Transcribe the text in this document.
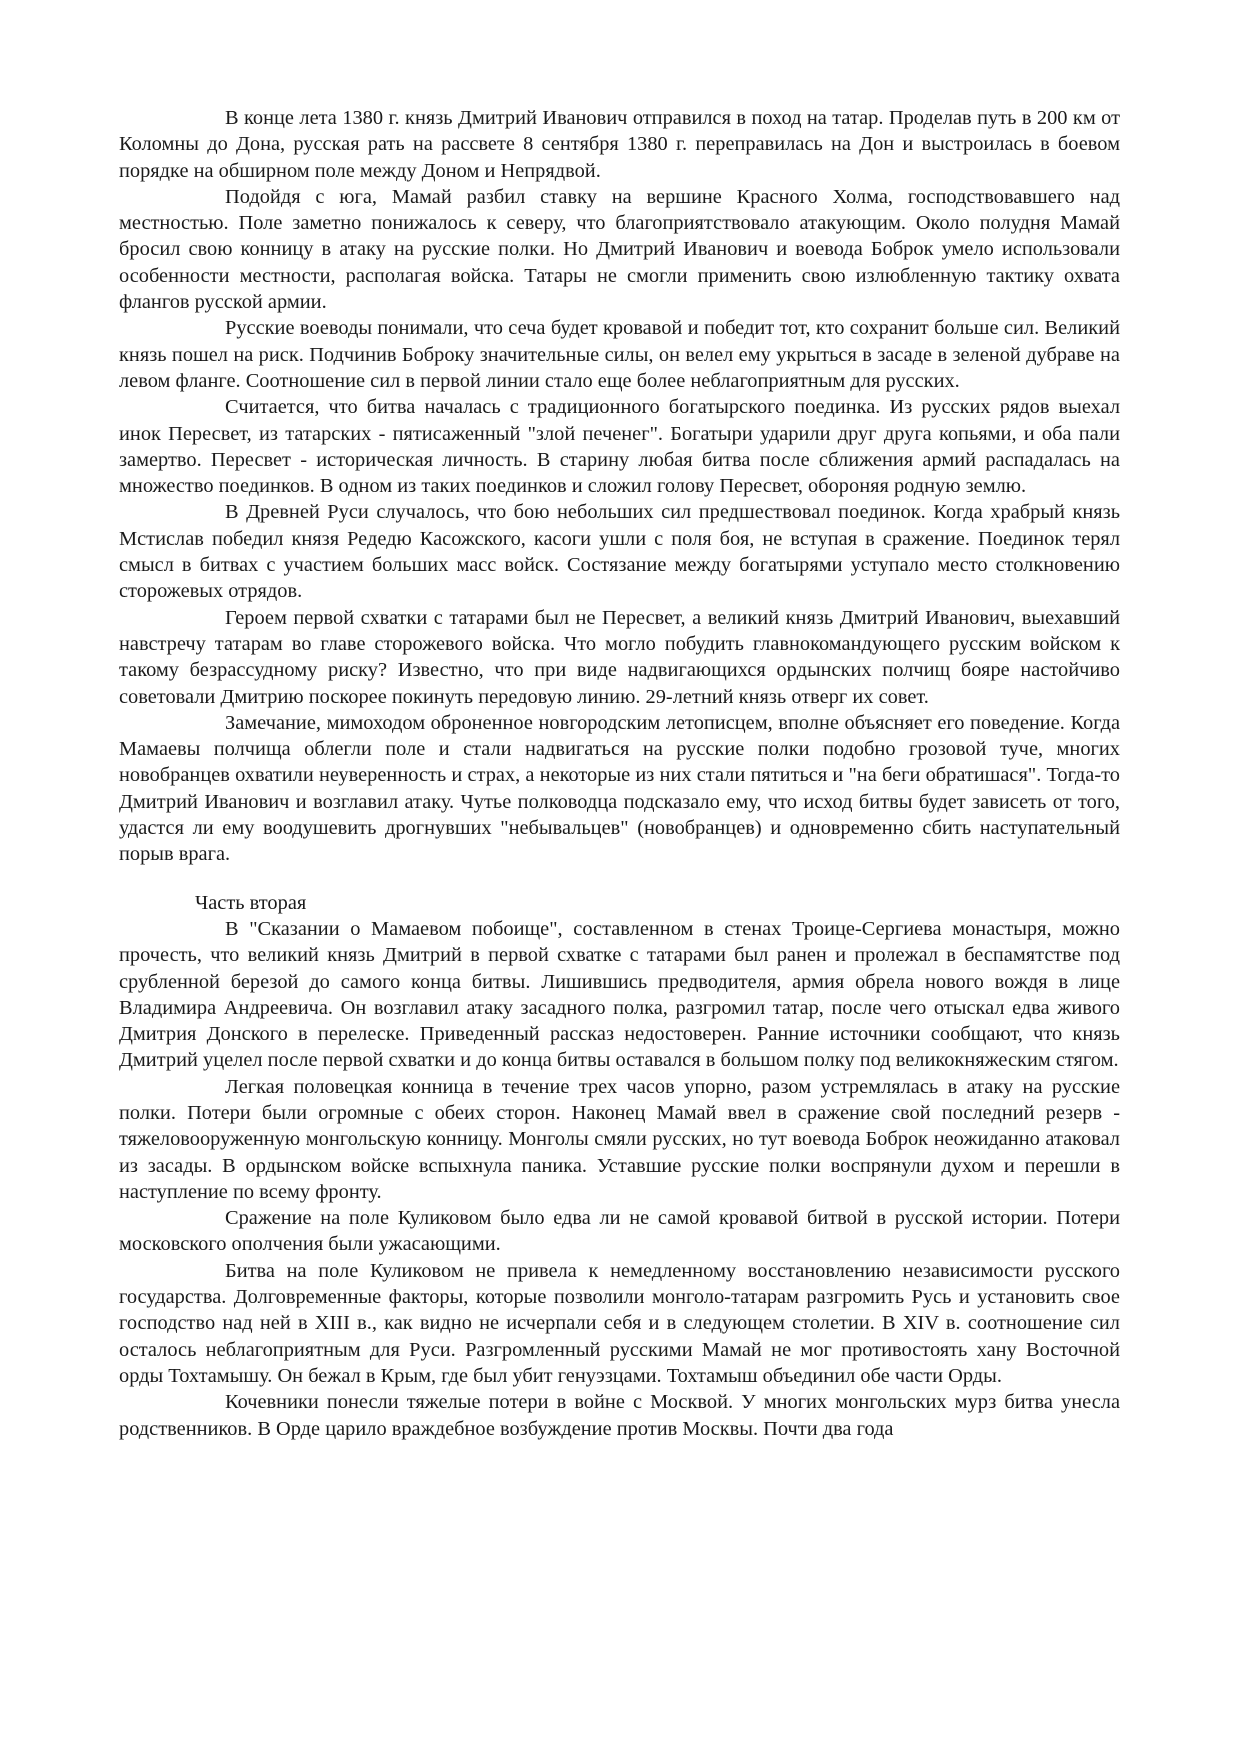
В конце лета 1380 г. князь Дмитрий Иванович отправился в поход на татар. Проделав путь в 200 км от Коломны до Дона, русская рать на рассвете 8 сентября 1380 г. переправилась на Дон и выстроилась в боевом порядке на обширном поле между Доном и Непрядвой.

Подойдя с юга, Мамай разбил ставку на вершине Красного Холма, господствовавшего над местностью. Поле заметно понижалось к северу, что благоприятствовало атакующим. Около полудня Мамай бросил свою конницу в атаку на русские полки. Но Дмитрий Иванович и воевода Боброк умело использовали особенности местности, располагая войска. Татары не смогли применить свою излюбленную тактику охвата флангов русской армии.

Русские воеводы понимали, что сеча будет кровавой и победит тот, кто сохранит больше сил. Великий князь пошел на риск. Подчинив Боброку значительные силы, он велел ему укрыться в засаде в зеленой дубраве на левом фланге. Соотношение сил в первой линии стало еще более неблагоприятным для русских.

Считается, что битва началась с традиционного богатырского поединка. Из русских рядов выехал инок Пересвет, из татарских - пятисаженный "злой печенег". Богатыри ударили друг друга копьями, и оба пали замертво. Пересвет - историческая личность. В старину любая битва после сближения армий распадалась на множество поединков. В одном из таких поединков и сложил голову Пересвет, обороняя родную землю.

В Древней Руси случалось, что бою небольших сил предшествовал поединок. Когда храбрый князь Мстислав победил князя Редедю Касожского, касоги ушли с поля боя, не вступая в сражение. Поединок терял смысл в битвах с участием больших масс войск. Состязание между богатырями уступало место столкновению сторожевых отрядов.

Героем первой схватки с татарами был не Пересвет, а великий князь Дмитрий Иванович, выехавший навстречу татарам во главе сторожевого войска. Что могло побудить главнокомандующего русским войском к такому безрассудному риску? Известно, что при виде надвигающихся ордынских полчищ бояре настойчиво советовали Дмитрию поскорее покинуть передовую линию. 29-летний князь отверг их совет.

Замечание, мимоходом оброненное новгородским летописцем, вполне объясняет его поведение. Когда Мамаевы полчища облегли поле и стали надвигаться на русские полки подобно грозовой туче, многих новобранцев охватили неуверенность и страх, а некоторые из них стали пятиться и "на беги обратишася". Тогда-то Дмитрий Иванович и возглавил атаку. Чутье полководца подсказало ему, что исход битвы будет зависеть от того, удастся ли ему воодушевить дрогнувших "небывальцев" (новобранцев) и одновременно сбить наступательный порыв врага.

Часть вторая

В "Сказании о Мамаевом побоище", составленном в стенах Троице-Сергиева монастыря, можно прочесть, что великий князь Дмитрий в первой схватке с татарами был ранен и пролежал в беспамятстве под срубленной березой до самого конца битвы. Лишившись предводителя, армия обрела нового вождя в лице Владимира Андреевича. Он возглавил атаку засадного полка, разгромил татар, после чего отыскал едва живого Дмитрия Донского в перелеске. Приведенный рассказ недостоверен. Ранние источники сообщают, что князь Дмитрий уцелел после первой схватки и до конца битвы оставался в большом полку под великокняжеским стягом.

Легкая половецкая конница в течение трех часов упорно, разом устремлялась в атаку на русские полки. Потери были огромные с обеих сторон. Наконец Мамай ввел в сражение свой последний резерв - тяжеловооруженную монгольскую конницу. Монголы смяли русских, но тут воевода Боброк неожиданно атаковал из засады. В ордынском войске вспыхнула паника. Уставшие русские полки воспрянули духом и перешли в наступление по всему фронту.

Сражение на поле Куликовом было едва ли не самой кровавой битвой в русской истории. Потери московского ополчения были ужасающими.

Битва на поле Куликовом не привела к немедленному восстановлению независимости русского государства. Долговременные факторы, которые позволили монголо-татарам разгромить Русь и установить свое господство над ней в XIII в., как видно не исчерпали себя и в следующем столетии. В XIV в. соотношение сил осталось неблагоприятным для Руси. Разгромленный русскими Мамай не мог противостоять хану Восточной орды Тохтамышу. Он бежал в Крым, где был убит генуэзцами. Тохтамыш объединил обе части Орды.

Кочевники понесли тяжелые потери в войне с Москвой. У многих монгольских мурз битва унесла родственников. В Орде царило враждебное возбуждение против Москвы. Почти два года
